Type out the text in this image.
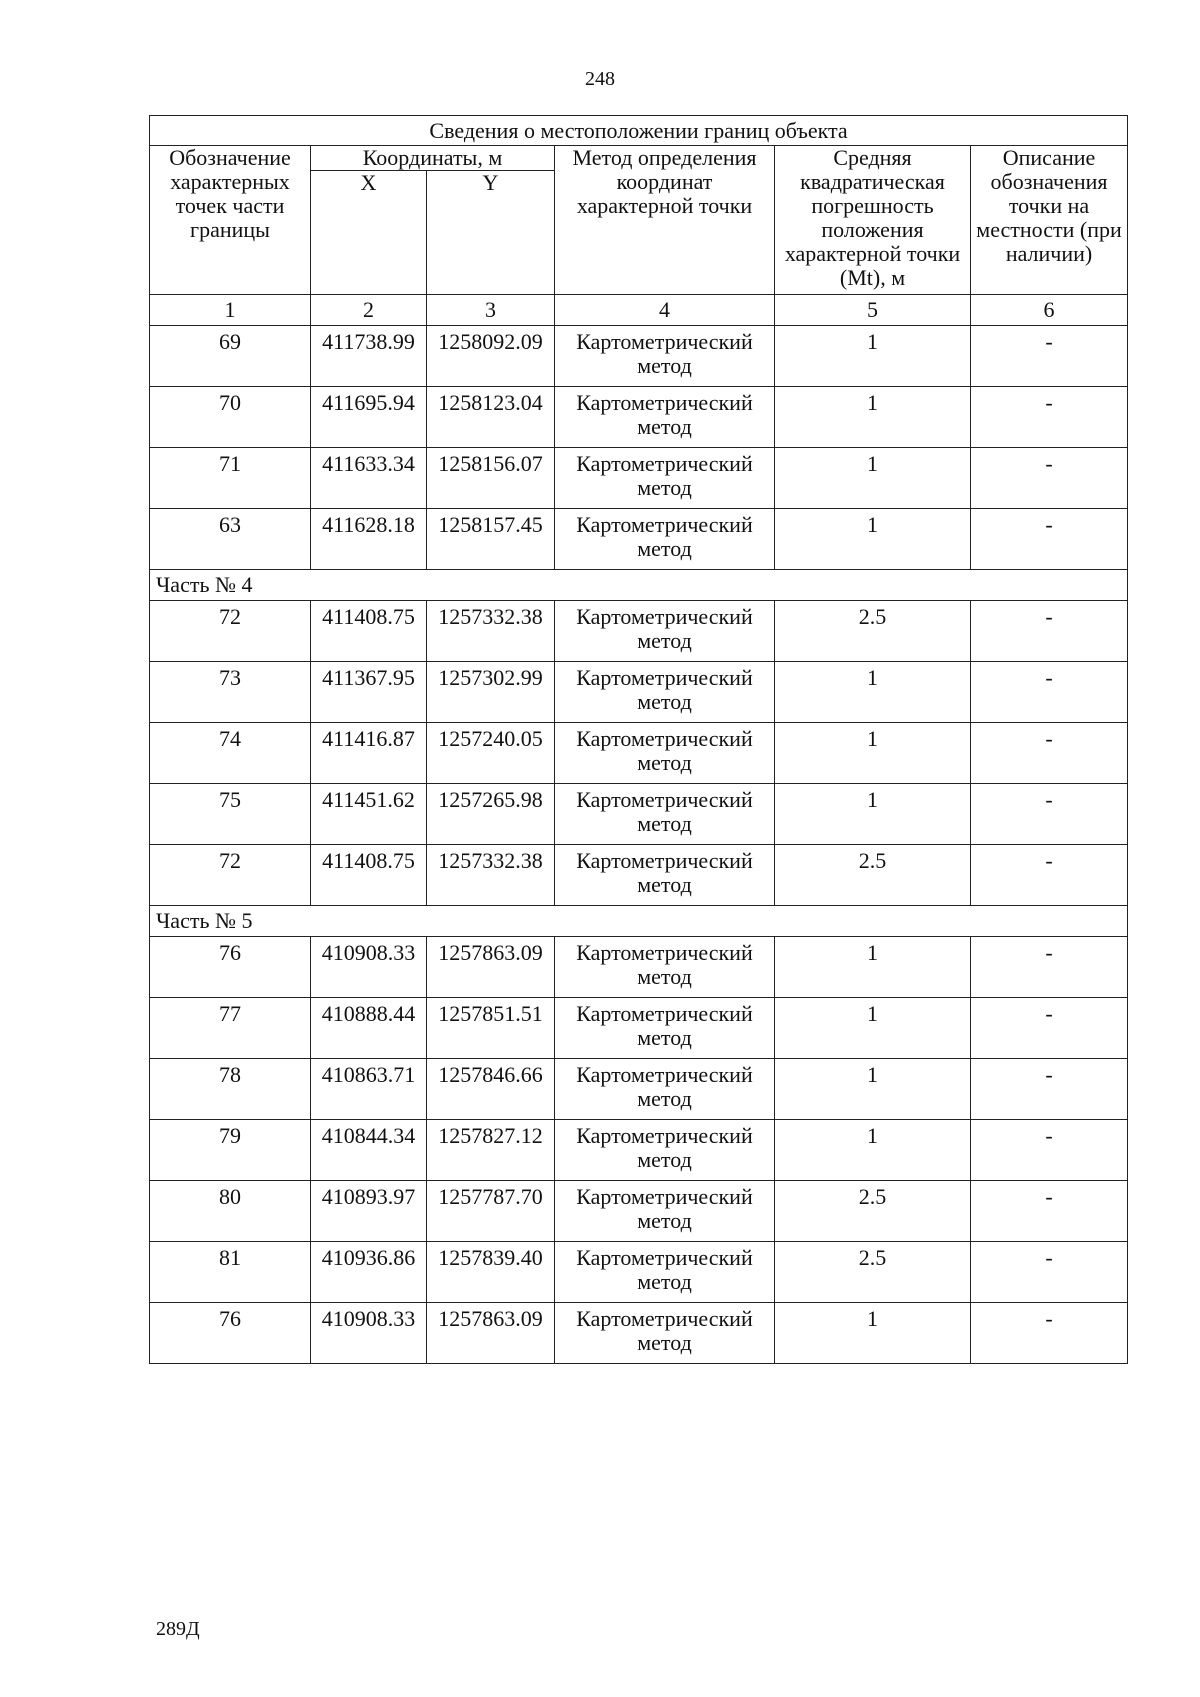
248
Сведения о местоположении границ объекта					
Обозначение характерных точек части границы	Координаты, м		Метод определения координат характерной точки	Средняя квадратическая погрешность положения характерной точки (Mt), м	Описание обозначения точки на местности (при наличии)
	X	Y			
1	2	3	4	5	6
69	411738.99	1258092.09	Картометрический метод	1	-
70	411695.94	1258123.04	Картометрический метод	1	-
71	411633.34	1258156.07	Картометрический метод	1	-
63	411628.18	1258157.45	Картометрический метод	1	-
Часть № 4					
72	411408.75	1257332.38	Картометрический метод	2.5	-
73	411367.95	1257302.99	Картометрический метод	1	-
74	411416.87	1257240.05	Картометрический метод	1	-
75	411451.62	1257265.98	Картометрический метод	1	-
72	411408.75	1257332.38	Картометрический метод	2.5	-
Часть № 5					
76	410908.33	1257863.09	Картометрический метод	1	-
77	410888.44	1257851.51	Картометрический метод	1	-
78	410863.71	1257846.66	Картометрический метод	1	-
79	410844.34	1257827.12	Картометрический метод	1	-
80	410893.97	1257787.70	Картометрический метод	2.5	-
81	410936.86	1257839.40	Картометрический метод	2.5	-
76	410908.33	1257863.09	Картометрический метод	1	-
289Д
